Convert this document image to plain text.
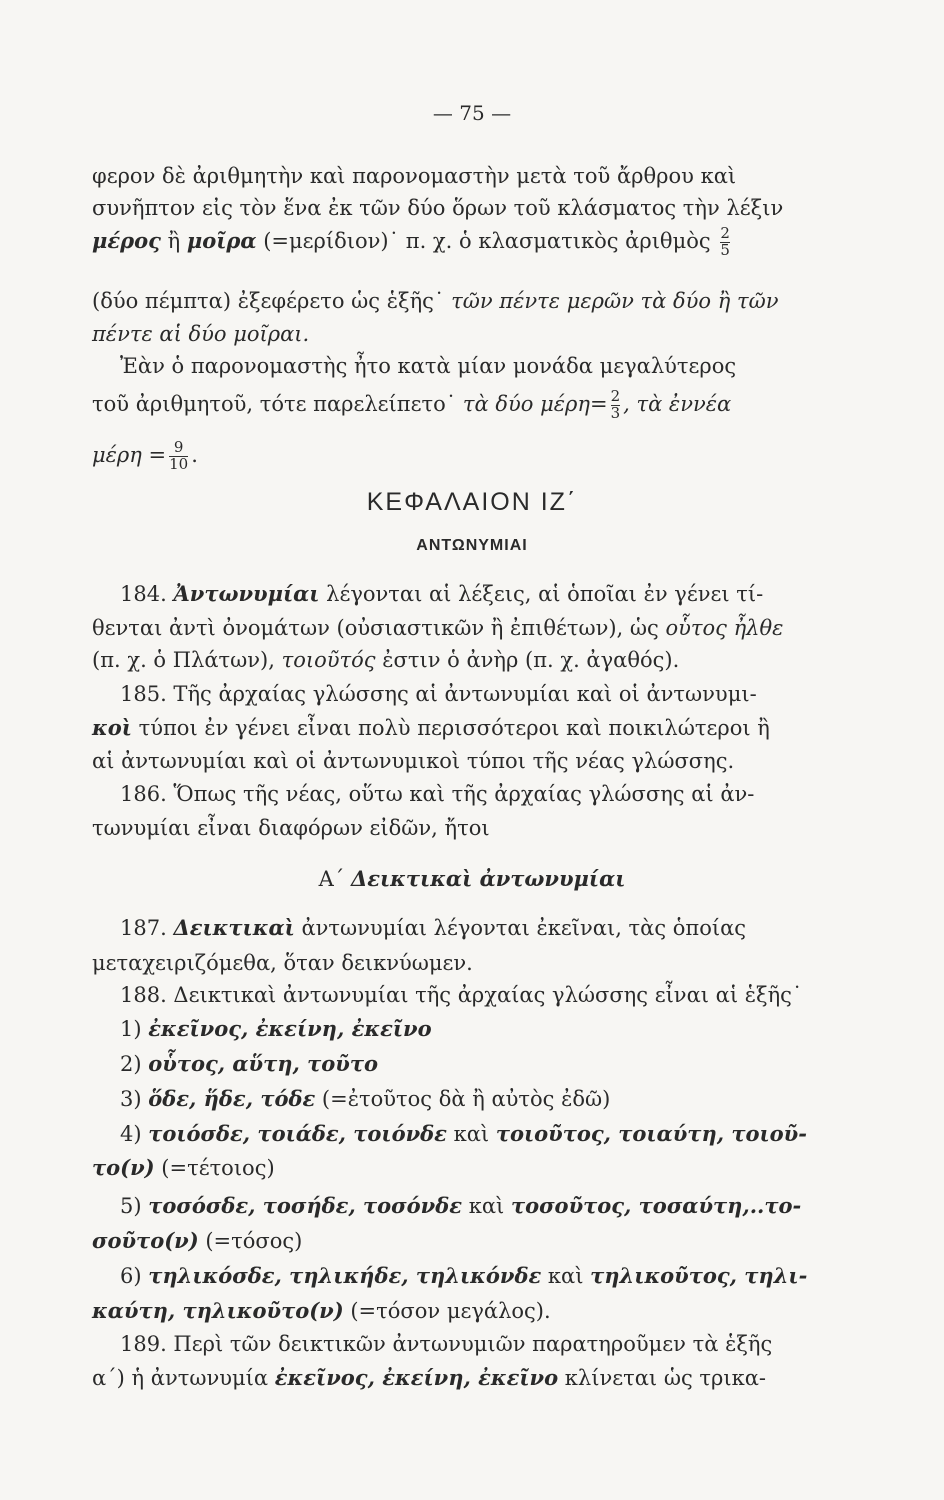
— 75 —
φερον δὲ ἀριθμητὴν καὶ παρονομαστὴν μετὰ τοῦ ἄρθρου καὶ
συνῆπτον εἰς τὸν ἕνα ἐκ τῶν δύο ὅρων τοῦ κλάσματος τὴν λέξιν
μέρος ἢ μοῖρα (=μερίδιον)˙ π. χ. ὁ κλασματικὸς ἀριθμὸς $\frac{2}{5}$
(δύο πέμπτα) ἐξεφέρετο ὡς ἑξῆς˙ τῶν πέντε μερῶν τὰ δύο ἢ τῶν
πέντε αἱ δύο μοῖραι.
Ἐὰν ὁ παρονομαστὴς ἦτο κατὰ μίαν μονάδα μεγαλύτερος
τοῦ ἀριθμητοῦ, τότε παρελείπετο˙ τὰ δύο $\mu έ\rho\eta= \frac{2}{3}$ , τὰ ἐννέα
$\mu έ\rho\eta = \frac{9}{10}$ .
ΚΕΦΑΛΑΙΟΝ ΙΖ΄
ΑΝΤΩΝΥΜΙΑΙ
184. Ἀντωνυμίαι λέγονται αἱ λέξεις, αἱ ὁποῖαι ἐν γένει τί-
θενται ἀντὶ ὀνομάτων (οὐσιαστικῶν ἢ ἐπιθέτων), ὡς οὗτος ἦλθε
(π. χ. ὁ Πλάτων), τοιοῦτός ἐστιν ὁ ἀνὴρ (π. χ. ἀγαθός).
185. Τῆς ἀρχαίας γλώσσης αἱ ἀντωνυμίαι καὶ οἱ ἀντωνυμι-
κοὶ τύποι ἐν γένει εἶναι πολὺ περισσότεροι καὶ ποικιλώτεροι ἢ
αἱ ἀντωνυμίαι καὶ οἱ ἀντωνυμικοὶ τύποι τῆς νέας γλώσσης.
186. Ὅπως τῆς νέας, οὕτω καὶ τῆς ἀρχαίας γλώσσης αἱ ἀν-
τωνυμίαι εἶναι διαφόρων εἰδῶν, ἤτοι
Α΄ Δεικτικαὶ ἀντωνυμίαι
187. Δεικτικαὶ ἀντωνυμίαι λέγονται ἐκεῖναι, τὰς ὁποίας
μεταχειριζόμεθα, ὅταν δεικνύωμεν.
188. Δεικτικαὶ ἀντωνυμίαι τῆς ἀρχαίας γλώσσης εἶναι αἱ ἑξῆς˙
1) ἐκεῖνος, ἐκείνη, ἐκεῖνο
2) οὗτος, αὕτη, τοῦτο
3) ὅδε, ἥδε, τόδε (=ἐτοῦτος δὰ ἢ αὐτὸς ἐδῶ)
4) τοιόσδε, τοιάδε, τοιόνδε καὶ τοιοῦτος, τοιαύτη, τοιοῦ-
το(ν) (=τέτοιος)
5) τοσόσδε, τοσήδε, τοσόνδε καὶ τοσοῦτος, τοσαύτη,..το-
σοῦτο(ν) (=τόσος)
6) τηλικόσδε, τηλικήδε, τηλικόνδε καὶ τηλικοῦτος, τηλι-
καύτη, τηλικοῦτο(ν) (=τόσον μεγάλος).
189. Περὶ τῶν δεικτικῶν ἀντωνυμιῶν παρατηροῦμεν τὰ ἑξῆς
α΄) ἡ ἀντωνυμία ἐκεῖνος, ἐκείνη, ἐκεῖνο κλίνεται ὡς τρικα-
